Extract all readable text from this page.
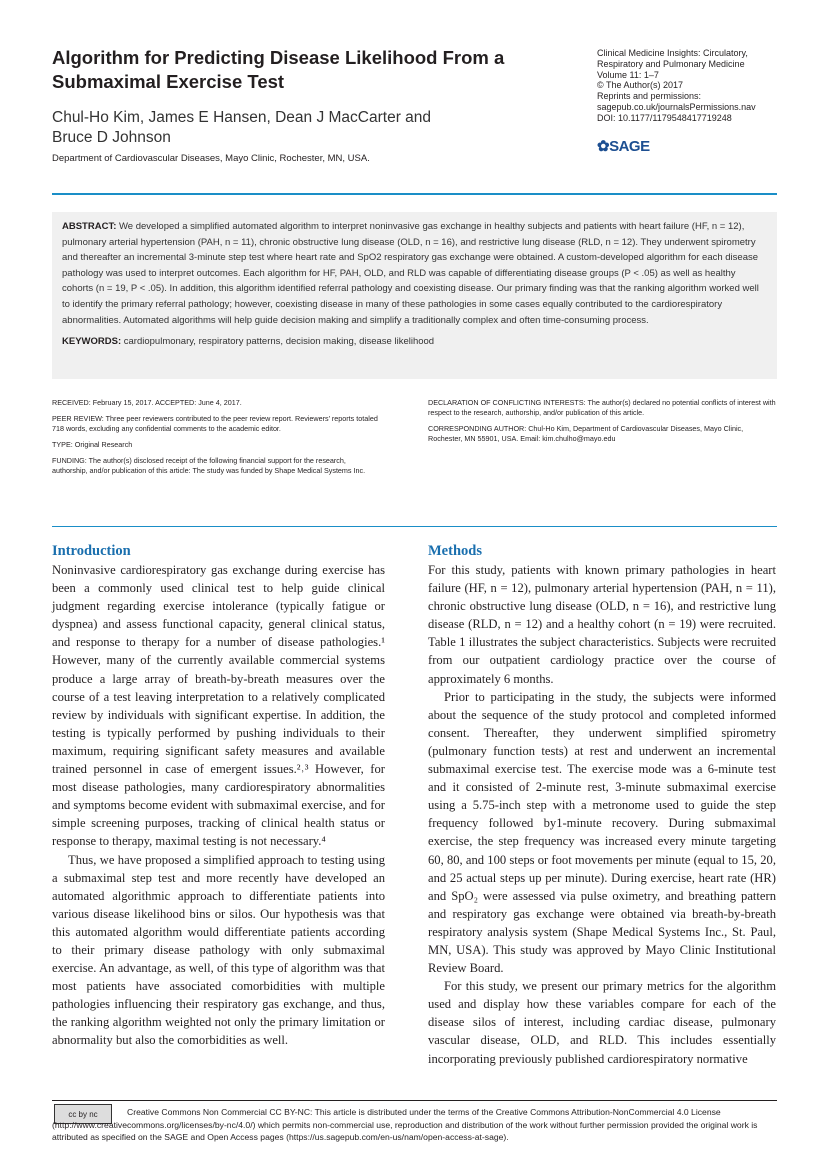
Algorithm for Predicting Disease Likelihood From a Submaximal Exercise Test
Chul-Ho Kim, James E Hansen, Dean J MacCarter and Bruce D Johnson
Department of Cardiovascular Diseases, Mayo Clinic, Rochester, MN, USA.
Clinical Medicine Insights: Circulatory,
Respiratory and Pulmonary Medicine
Volume 11: 1–7
© The Author(s) 2017
Reprints and permissions:
sagepub.co.uk/journalsPermissions.nav
DOI: 10.1177/1179548417719248
✿SAGE
ABSTRACT: We developed a simplified automated algorithm to interpret noninvasive gas exchange in healthy subjects and patients with heart failure (HF, n = 12), pulmonary arterial hypertension (PAH, n = 11), chronic obstructive lung disease (OLD, n = 16), and restrictive lung disease (RLD, n = 12). They underwent spirometry and thereafter an incremental 3-minute step test where heart rate and SpO2 respiratory gas exchange were obtained. A custom-developed algorithm for each disease pathology was used to interpret outcomes. Each algorithm for HF, PAH, OLD, and RLD was capable of differentiating disease groups (P < .05) as well as healthy cohorts (n = 19, P < .05). In addition, this algorithm identified referral pathology and coexisting disease. Our primary finding was that the ranking algorithm worked well to identify the primary referral pathology; however, coexisting disease in many of these pathologies in some cases equally contributed to the cardiorespiratory abnormalities. Automated algorithms will help guide decision making and simplify a traditionally complex and often time-consuming process.
KEYWORDS: cardiopulmonary, respiratory patterns, decision making, disease likelihood
RECEIVED: February 15, 2017. ACCEPTED: June 4, 2017.
PEER REVIEW: Three peer reviewers contributed to the peer review report. Reviewers’ reports totaled 718 words, excluding any confidential comments to the academic editor.
TYPE: Original Research
FUNDING: The author(s) disclosed receipt of the following financial support for the research, authorship, and/or publication of this article: The study was funded by Shape Medical Systems Inc.
DECLARATION OF CONFLICTING INTERESTS: The author(s) declared no potential conflicts of interest with respect to the research, authorship, and/or publication of this article.
CORRESPONDING AUTHOR: Chul-Ho Kim, Department of Cardiovascular Diseases, Mayo Clinic, Rochester, MN 55901, USA. Email: kim.chulho@mayo.edu
Introduction

Noninvasive cardiorespiratory gas exchange during exercise has been a commonly used clinical test to help guide clinical judgment regarding exercise intolerance (typically fatigue or dyspnea) and assess functional capacity, general clinical status, and response to therapy for a number of disease pathologies.¹ However, many of the currently available commercial systems produce a large array of breath-by-breath measures over the course of a test leaving interpretation to a relatively complicated review by individuals with significant expertise. In addition, the testing is typically performed by pushing individuals to their maximum, requiring significant safety measures and available trained personnel in case of emergent issues.²˒³ However, for most disease pathologies, many cardiorespiratory abnormalities and symptoms become evident with submaximal exercise, and for simple screening purposes, tracking of clinical health status or response to therapy, maximal testing is not necessary.⁴

Thus, we have proposed a simplified approach to testing using a submaximal step test and more recently have developed an automated algorithmic approach to differentiate patients into various disease likelihood bins or silos. Our hypothesis was that this automated algorithm would differentiate patients according to their primary disease pathology with only submaximal exercise. An advantage, as well, of this type of algorithm was that most patients have associated comorbidities with multiple pathologies influencing their respiratory gas exchange, and thus, the ranking algorithm weighted not only the primary limitation or abnormality but also the comorbidities as well.

Methods

For this study, patients with known primary pathologies in heart failure (HF, n = 12), pulmonary arterial hypertension (PAH, n = 11), chronic obstructive lung disease (OLD, n = 16), and restrictive lung disease (RLD, n = 12) and a healthy cohort (n = 19) were recruited. Table 1 illustrates the subject characteristics. Subjects were recruited from our outpatient cardiology practice over the course of approximately 6 months.

Prior to participating in the study, the subjects were informed about the sequence of the study protocol and completed informed consent. Thereafter, they underwent simplified spirometry (pulmonary function tests) at rest and underwent an incremental submaximal exercise test. The exercise mode was a 6-minute test and it consisted of 2-minute rest, 3-minute submaximal exercise using a 5.75-inch step with a metronome used to guide the step frequency followed by1-minute recovery. During submaximal exercise, the step frequency was increased every minute targeting 60, 80, and 100 steps or foot movements per minute (equal to 15, 20, and 25 actual steps up per minute). During exercise, heart rate (HR) and SpO₂ were assessed via pulse oximetry, and breathing pattern and respiratory gas exchange were obtained via breath-by-breath respiratory analysis system (Shape Medical Systems Inc., St. Paul, MN, USA). This study was approved by Mayo Clinic Institutional Review Board.

For this study, we present our primary metrics for the algorithm used and display how these variables compare for each of the disease silos of interest, including cardiac disease, pulmonary vascular disease, OLD, and RLD. This includes essentially incorporating previously published cardiorespiratory normative

cc by nc	Creative Commons Non Commercial CC BY-NC: This article is distributed under the terms of the Creative Commons Attribution-NonCommercial 4.0 License (http://www.creativecommons.org/licenses/by-nc/4.0/) which permits non-commercial use, reproduction and distribution of the work without further permission provided the original work is attributed as specified on the SAGE and Open Access pages (https://us.sagepub.com/en-us/nam/open-access-at-sage).
